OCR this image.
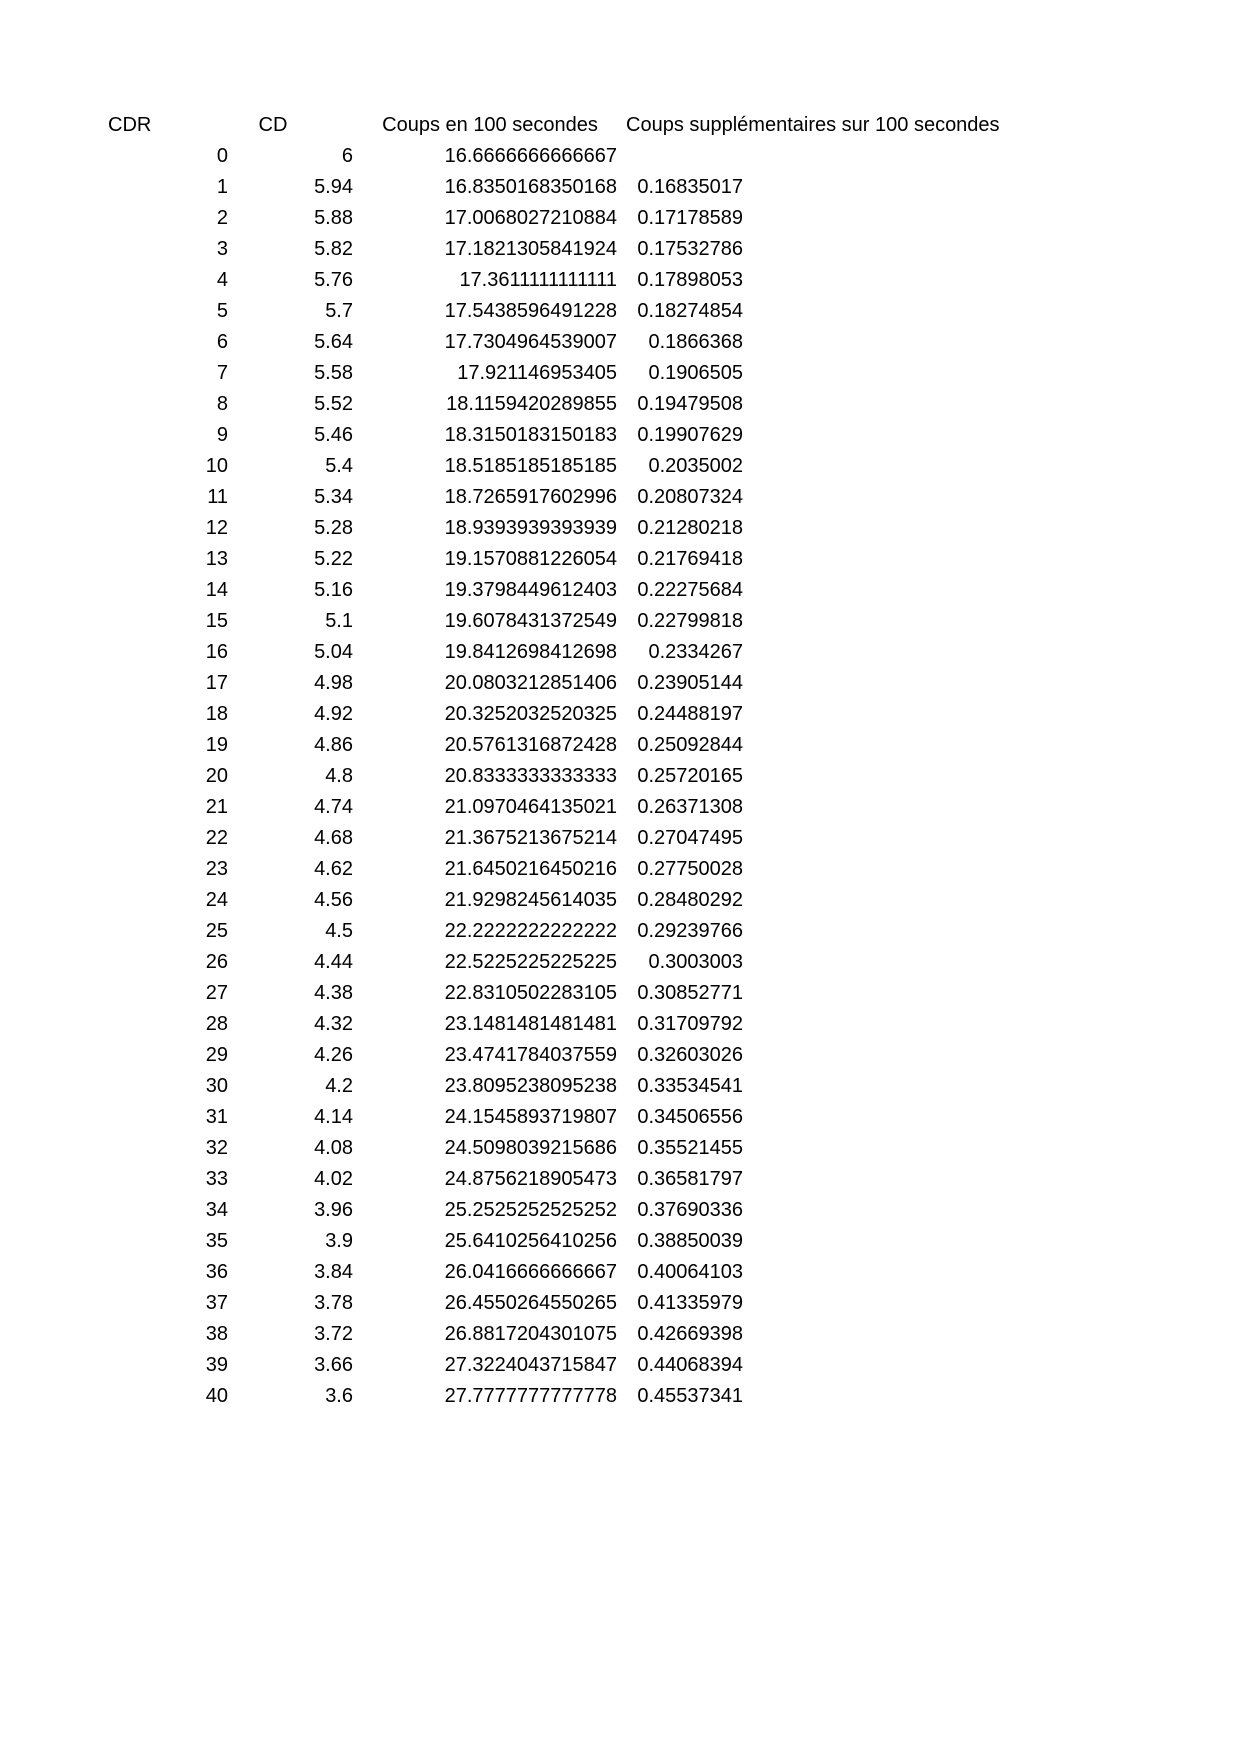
CDR	CD	Coups en 100 secondes	Coups supplémentaires sur 100 secondes
0	6	16.6666666666667
1	5.94	16.8350168350168	0.16835017
2	5.88	17.0068027210884	0.17178589
3	5.82	17.1821305841924	0.17532786
4	5.76	17.3611111111111	0.17898053
5	5.7	17.5438596491228	0.18274854
6	5.64	17.7304964539007	0.1866368
7	5.58	17.921146953405	0.1906505
8	5.52	18.1159420289855	0.19479508
9	5.46	18.3150183150183	0.19907629
10	5.4	18.5185185185185	0.2035002
11	5.34	18.7265917602996	0.20807324
12	5.28	18.9393939393939	0.21280218
13	5.22	19.1570881226054	0.21769418
14	5.16	19.3798449612403	0.22275684
15	5.1	19.6078431372549	0.22799818
16	5.04	19.8412698412698	0.2334267
17	4.98	20.0803212851406	0.23905144
18	4.92	20.3252032520325	0.24488197
19	4.86	20.5761316872428	0.25092844
20	4.8	20.8333333333333	0.25720165
21	4.74	21.0970464135021	0.26371308
22	4.68	21.3675213675214	0.27047495
23	4.62	21.6450216450216	0.27750028
24	4.56	21.9298245614035	0.28480292
25	4.5	22.2222222222222	0.29239766
26	4.44	22.5225225225225	0.3003003
27	4.38	22.8310502283105	0.30852771
28	4.32	23.1481481481481	0.31709792
29	4.26	23.4741784037559	0.32603026
30	4.2	23.8095238095238	0.33534541
31	4.14	24.1545893719807	0.34506556
32	4.08	24.5098039215686	0.35521455
33	4.02	24.8756218905473	0.36581797
34	3.96	25.2525252525252	0.37690336
35	3.9	25.6410256410256	0.38850039
36	3.84	26.0416666666667	0.40064103
37	3.78	26.4550264550265	0.41335979
38	3.72	26.8817204301075	0.42669398
39	3.66	27.3224043715847	0.44068394
40	3.6	27.7777777777778	0.45537341
